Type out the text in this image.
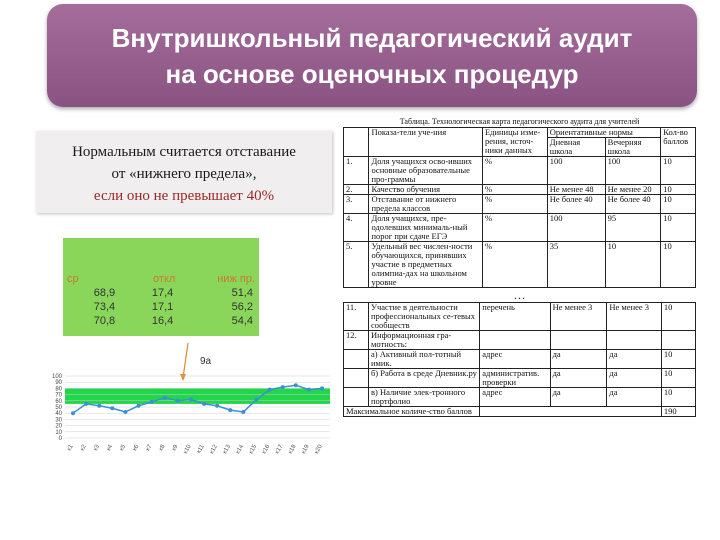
Внутришкольный педагогический аудит
на основе оценочных процедур
Нормальным считается отставание
от «нижнего предела»,
если оно не превышает 40%
ср	откл	ниж пр.
68,9	17,4	51,4
73,4	17,1	56,2
70,8	16,4	54,4
9а
0
10
20
30
40
50
60
70
80
90
100
к1 к2 к3 к4 к5 к6 к7 к8 к9 к10 к11 к12 к13 к14 к15 к16 к17 к18 к19 к20
Таблица. Технологическая карта педагогического аудита для учителей
	Показа-тели уче-ния	Единицы изме-рения, источ-ники данных	Ориентативные нормы		Кол-во баллов
			Дневная школа	Вечерняя школа	
1.	Доля учащихся осво-ивших основные образовательные про-граммы	%	100	100	10
2.	Качество обучения	%	Не менее 48	Не менее 20	10
3.	Отставание от нижнего предела классов	%	Не более 40	Не более 40	10
4.	Доля учащихся, пре-одолевших минималь-ный порог при сдаче ЕГЭ	%	100	95	10
5.	Удельный вес числен-ности обучающихся, принявших участие в предметных олимпиа-дах на школьном уровне	%	35	10	10
…
11.	Участие в деятельности профессиональных се-тевых сообществ	перечень	Не менее 3	Не менее 3	10
12.	Информационная гра-мотность:				
	а) Активный пол-тотный имик.	адрес	да	да	10
	б) Работа в среде Дневник.ру	административ. проверки	да	да	10
	в) Наличие элек-тронного портфолио	адрес	да	да	10
Максимальное количе-ство баллов					190
